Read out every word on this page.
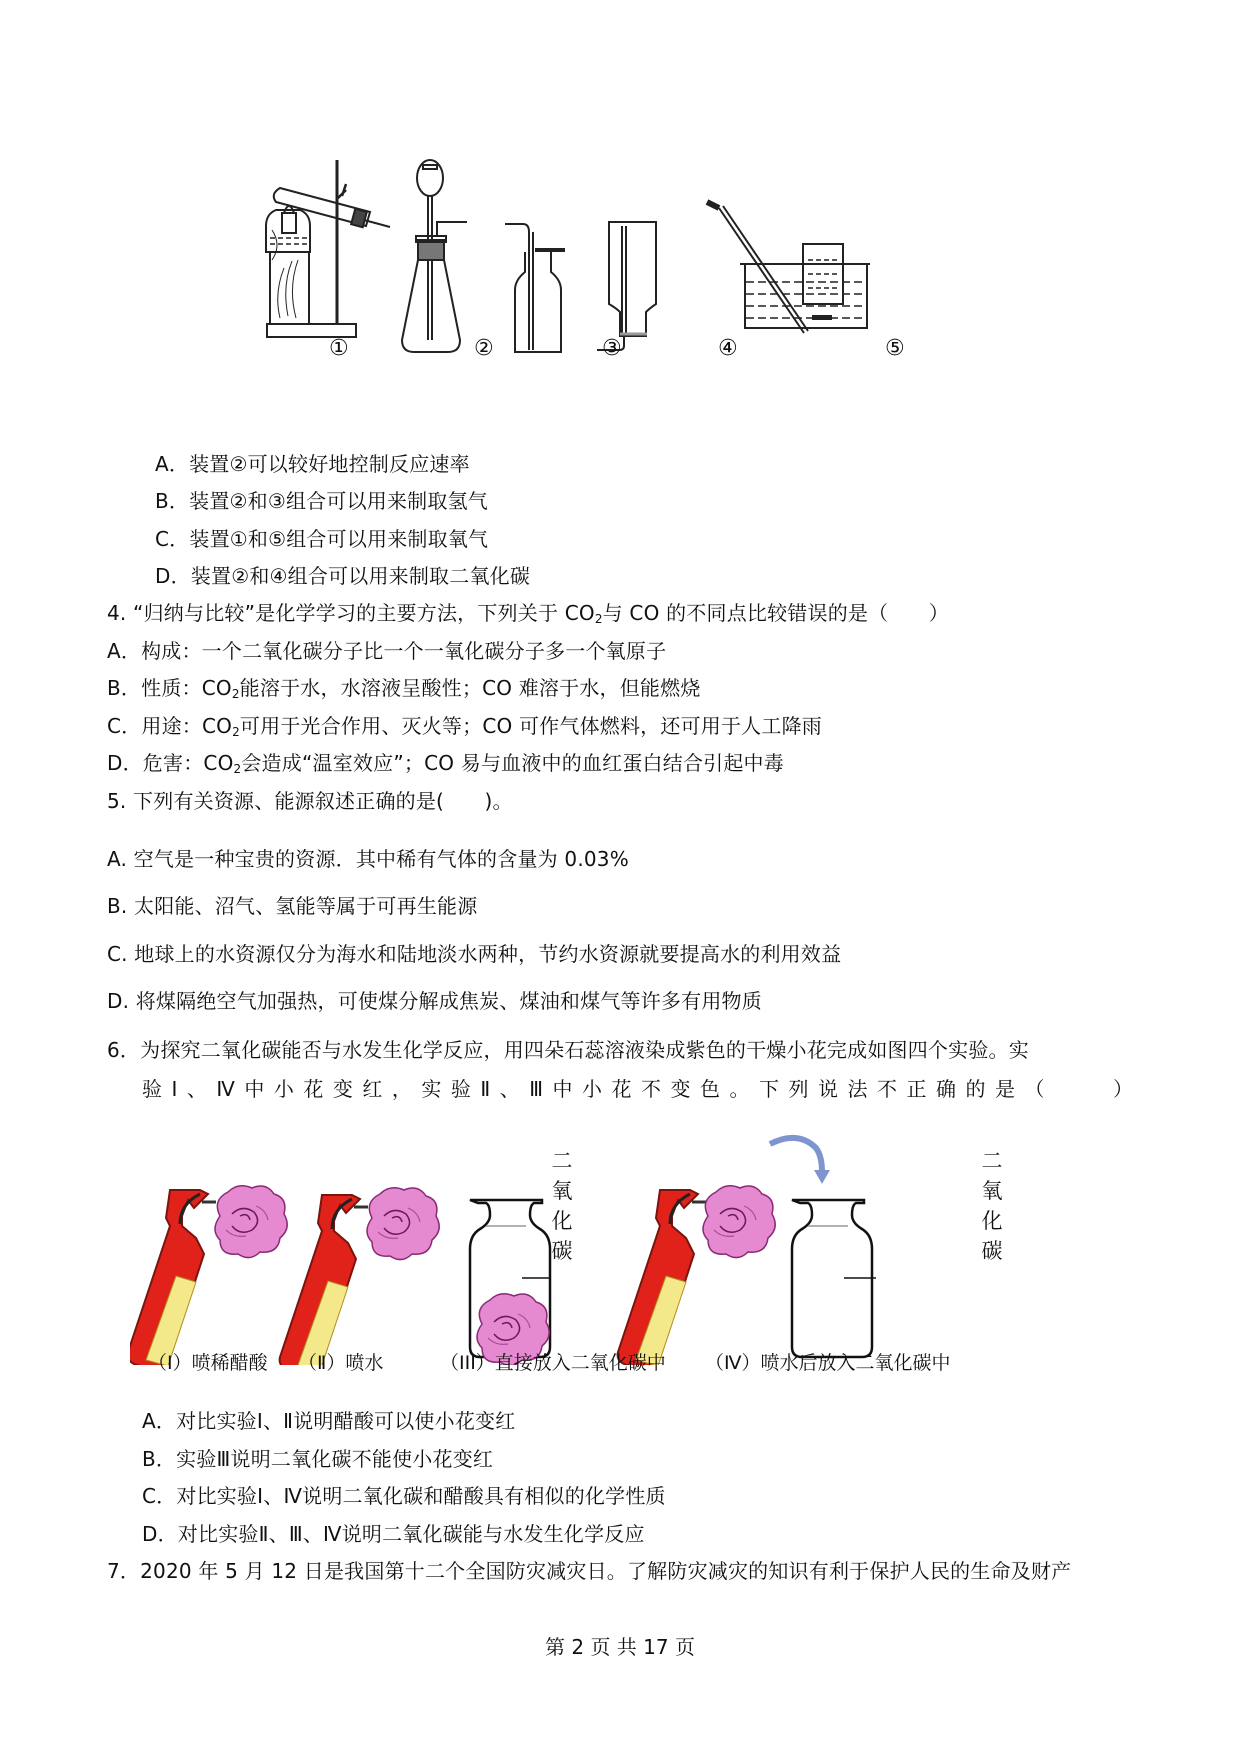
①	②	③	④	⑤
A．装置②可以较好地控制反应速率
B．装置②和③组合可以用来制取氢气
C．装置①和⑤组合可以用来制取氧气
D．装置②和④组合可以用来制取二氧化碳
4. “归纳与比较”是化学学习的主要方法，下列关于 $CO_2$与 CO 的不同点比较错误的是（　　）
A．构成：一个二氧化碳分子比一个一氧化碳分子多一个氧原子
B．性质：$CO_2$能溶于水，水溶液呈酸性；CO 难溶于水，但能燃烧
C．用途：$CO_2$可用于光合作用、灭火等；CO 可作气体燃料，还可用于人工降雨
D．危害：$CO_2$会造成“温室效应”；CO 易与血液中的血红蛋白结合引起中毒
5. 下列有关资源、能源叙述正确的是(　　)。
A. 空气是一种宝贵的资源．其中稀有气体的含量为 0.03%
B. 太阳能、沼气、氢能等属于可再生能源
C. 地球上的水资源仅分为海水和陆地淡水两种，节约水资源就要提高水的利用效益
D. 将煤隔绝空气加强热，可使煤分解成焦炭、煤油和煤气等许多有用物质
6．为探究二氧化碳能否与水发生化学反应，用四朵石蕊溶液染成紫色的干燥小花完成如图四个实验。实
验Ⅰ、Ⅳ中小花变红，实验Ⅱ、Ⅲ中小花不变色。下列说法不正确的是（　　）
二
氧
化
碳
二
氧
化
碳
（I）喷稀醋酸 （Ⅱ）喷水	（III）直接放入二氧化碳中 （Ⅳ）喷水后放入二氧化碳中
A．对比实验Ⅰ、Ⅱ说明醋酸可以使小花变红
B．实验Ⅲ说明二氧化碳不能使小花变红
C．对比实验Ⅰ、Ⅳ说明二氧化碳和醋酸具有相似的化学性质
D．对比实验Ⅱ、Ⅲ、Ⅳ说明二氧化碳能与水发生化学反应
7．2020 年 5 月 12 日是我国第十二个全国防灾减灾日。了解防灾减灾的知识有利于保护人民的生命及财产
第 2 页 共 17 页
